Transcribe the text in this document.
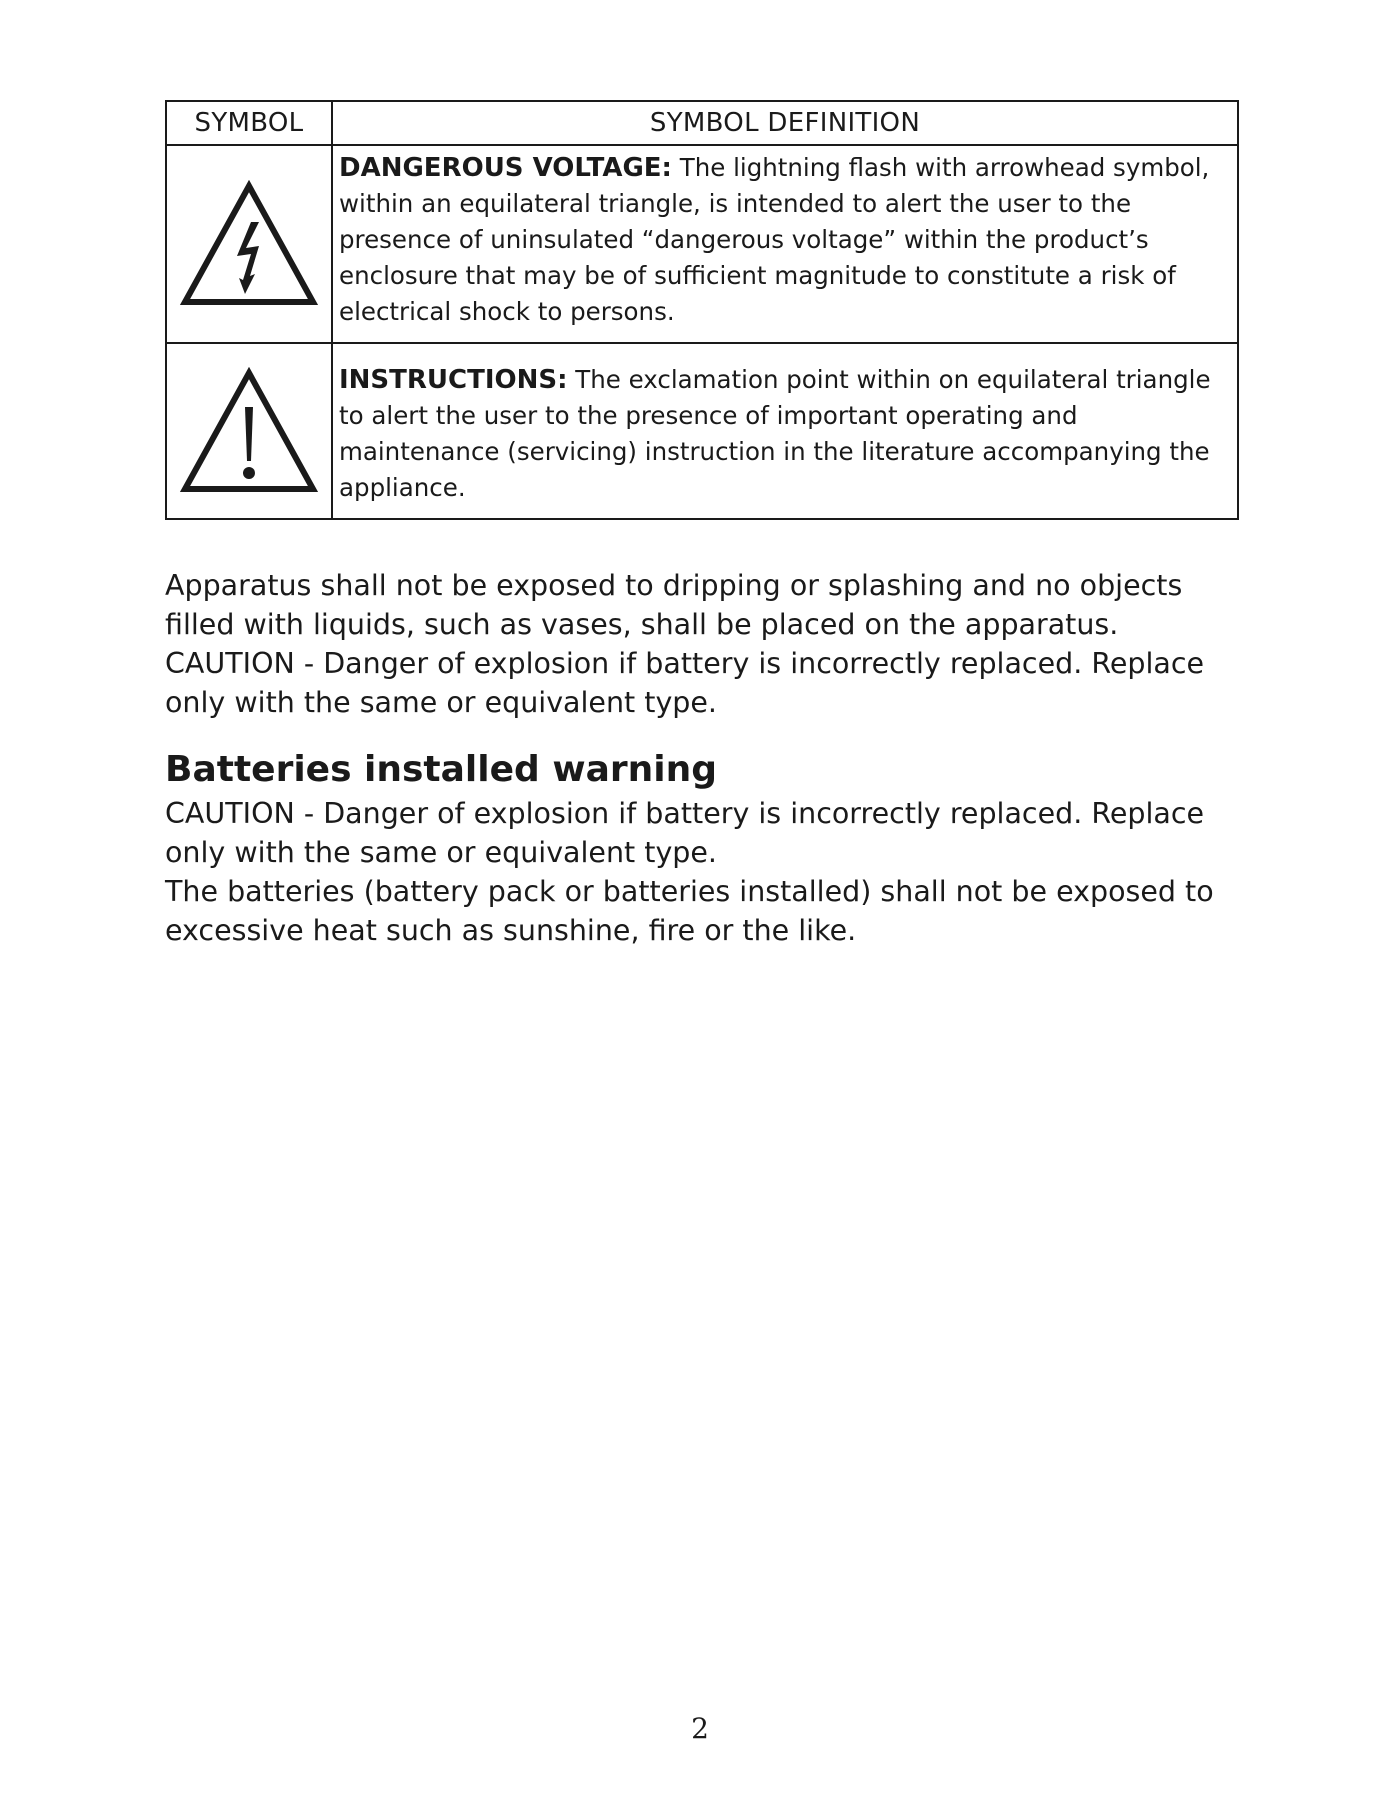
SYMBOL	SYMBOL DEFINITION

	DANGEROUS VOLTAGE: The lightning flash with arrowhead symbol, within an equilateral triangle, is intended to alert the user to the presence of uninsulated “dangerous voltage” within the product’s enclosure that may be of sufficient magnitude to constitute a risk of electrical shock to persons.

	INSTRUCTIONS: The exclamation point within on equilateral triangle to alert the user to the presence of important operating and maintenance (servicing) instruction in the literature accompanying the appliance.

Apparatus shall not be exposed to dripping or splashing and no objects filled with liquids, such as vases, shall be placed on the apparatus.

CAUTION - Danger of explosion if battery is incorrectly replaced. Replace only with the same or equivalent type.

Batteries installed warning

CAUTION - Danger of explosion if battery is incorrectly replaced. Replace only with the same or equivalent type.

The batteries (battery pack or batteries installed) shall not be exposed to excessive heat such as sunshine, fire or the like.

2
